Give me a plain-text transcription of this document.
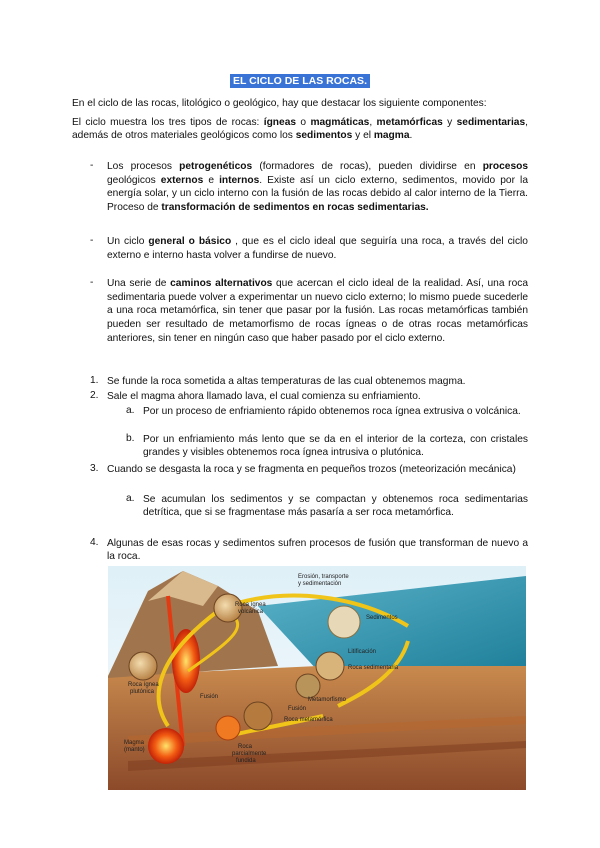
EL CICLO DE LAS ROCAS.
En el ciclo de las rocas, litológico o geológico, hay que destacar los siguiente componentes:
El ciclo muestra los tres tipos de rocas: ígneas o magmáticas, metamórficas y sedimentarias, además de otros materiales geológicos como los sedimentos y el magma.
- Los procesos petrogenéticos (formadores de rocas), pueden dividirse en procesos geológicos externos e internos. Existe así un ciclo externo, sedimentos, movido por la energía solar, y un ciclo interno con la fusión de las rocas debido al calor interno de la Tierra. Proceso de transformación de sedimentos en rocas sedimentarias.
- Un ciclo general o básico , que es el ciclo ideal que seguiría una roca, a través del ciclo externo e interno hasta volver a fundirse de nuevo.
- Una serie de caminos alternativos que acercan el ciclo ideal de la realidad. Así, una roca sedimentaria puede volver a experimentar un nuevo ciclo externo; lo mismo puede sucederle a una roca metamórfica, sin tener que pasar por la fusión. Las rocas metamórficas también pueden ser resultado de metamorfismo de rocas ígneas o de otras rocas metamórficas anteriores, sin tener en ningún caso que haber pasado por el ciclo externo.
1. Se funde la roca sometida a altas temperaturas de las cual obtenemos magma.
2. Sale el magma ahora llamado lava, el cual comienza su enfriamiento.
a. Por un proceso de enfriamiento rápido obtenemos roca ígnea extrusiva o volcánica.
b. Por un enfriamiento más lento que se da en el interior de la corteza, con cristales grandes y visibles obtenemos roca ígnea intrusiva o plutónica.
3. Cuando se desgasta la roca y se fragmenta en pequeños trozos (meteorización mecánica)
a. Se acumulan los sedimentos y se compactan y obtenemos roca sedimentarias detrítica, que si se fragmentase más pasaría a ser roca metamórfica.
4. Algunas de esas rocas y sedimentos sufren procesos de fusión que transforman de nuevo a la roca.
Erosión, transporte
y sedimentación
Roca ígnea
volcánica
Sedimentos
Litificación
Roca sedimentaria
Roca ígnea
plutónica
Fusión	Metamorfismo
Fusión
Roca metamórfica
Magma
(manto)	Roca
parcialmente
fundida
